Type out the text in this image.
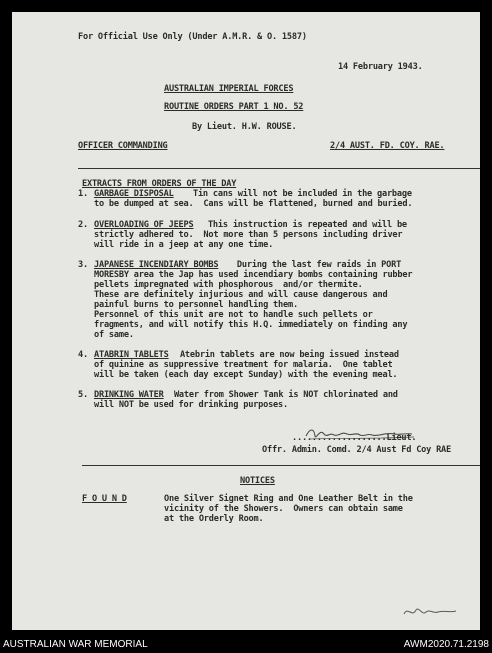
For Official Use Only (Under A.M.R. & O. 1587)
14 February 1943.
AUSTRALIAN IMPERIAL FORCES
ROUTINE ORDERS PART 1 NO. 52
By Lieut. H.W. ROUSE.
OFFICER COMMANDING	2/4 AUST. FD. COY. RAE.
EXTRACTS FROM ORDERS OF THE DAY
1. GARBAGE DISPOSAL Tin cans will not be included in the garbage
to be dumped at sea.  Cans will be flattened, burned and buried.
2. OVERLOADING OF JEEPS This instruction is repeated and will be
strictly adhered to.  Not more than 5 persons including driver
will ride in a jeep at any one time.
3. JAPANESE INCENDIARY BOMBS During the last few raids in PORT
MORESBY area the Jap has used incendiary bombs containing rubber
pellets impregnated with phosphorous  and/or thermite.
These are definitely injurious and will cause dangerous and
painful burns to personnel handling them.
Personnel of this unit are not to handle such pellets or
fragments, and will notify this H.Q. immediately on finding any
of same.
4. ATABRIN TABLETS Atebrin tablets are now being issued instead
of quinine as suppressive treatment for malaria.  One tablet
will be taken (each day except Sunday) with the evening meal.
5. DRINKING WATER Water from Shower Tank is NOT chlorinated and
will NOT be used for drinking purposes.
...................Lieut.
Offr. Admin. Comd. 2/4 Aust Fd Coy RAE
NOTICES
F O U N D	One Silver Signet Ring and One Leather Belt in the
vicinity of the Showers.  Owners can obtain same
at the Orderly Room.
AUSTRALIAN WAR MEMORIAL	AWM2020.71.2198
